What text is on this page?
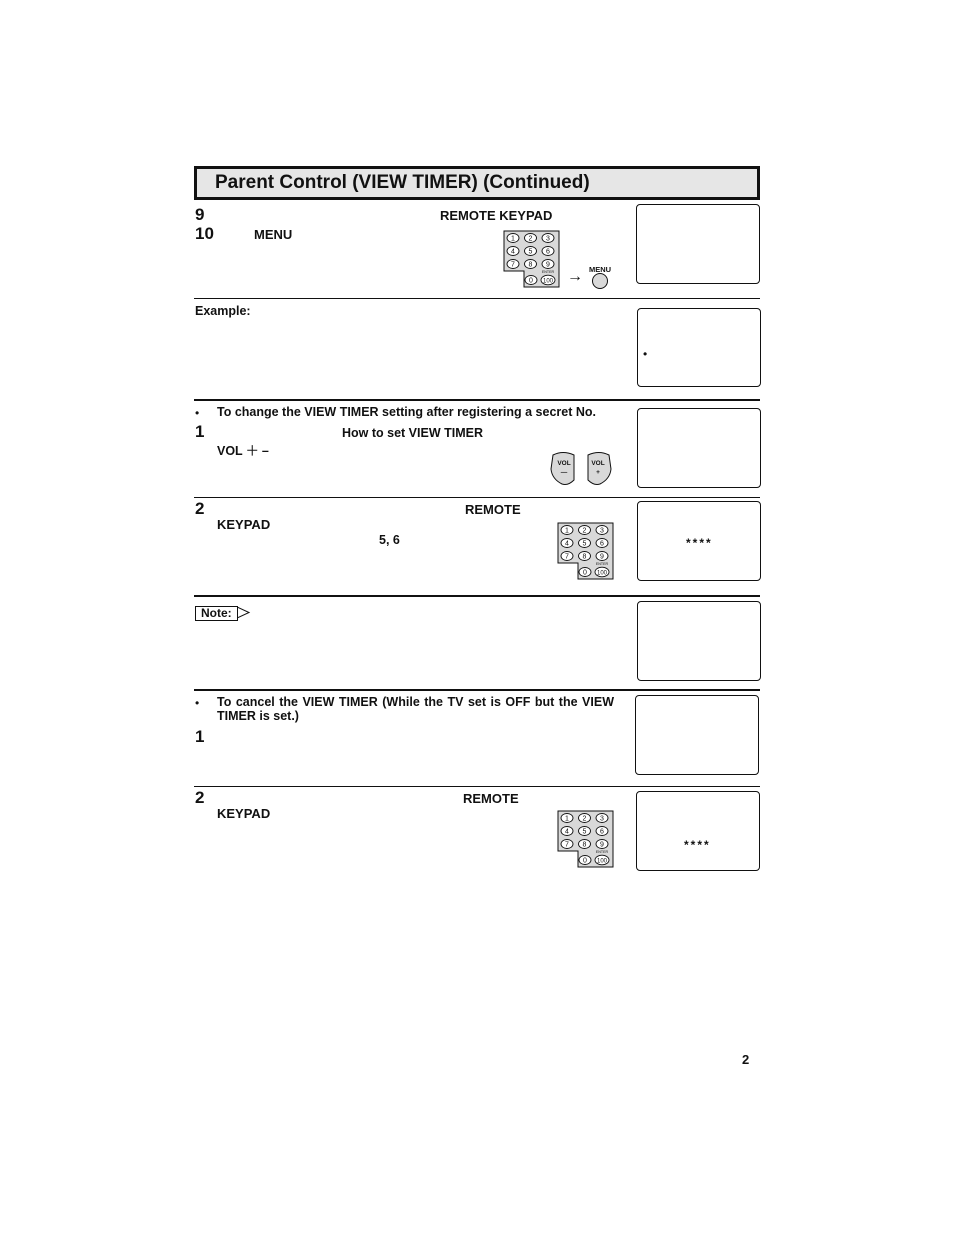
Parent Control (VIEW TIMER) (Continued)
9
10
REMOTE KEYPAD
MENU	1 2 3
4 5 6
7 8 9
0 100
ENTER → MENU
Example:
•
• To change the VIEW TIMER setting after registering a secret No.
1	How to set VIEW TIMER
VOL ＋ –
VOL
—
VOL
+
2	REMOTE
KEYPAD
5, 6
1 2 3
4 5 6
7 8 9
0 100
ENTER
****
Note:
• To cancel the VIEW TIMER (While the TV set is OFF but the VIEW
TIMER is set.)
1
2	REMOTE
KEYPAD	1 2 3
4 5 6
7 8 9
0 100
ENTER	****
2
